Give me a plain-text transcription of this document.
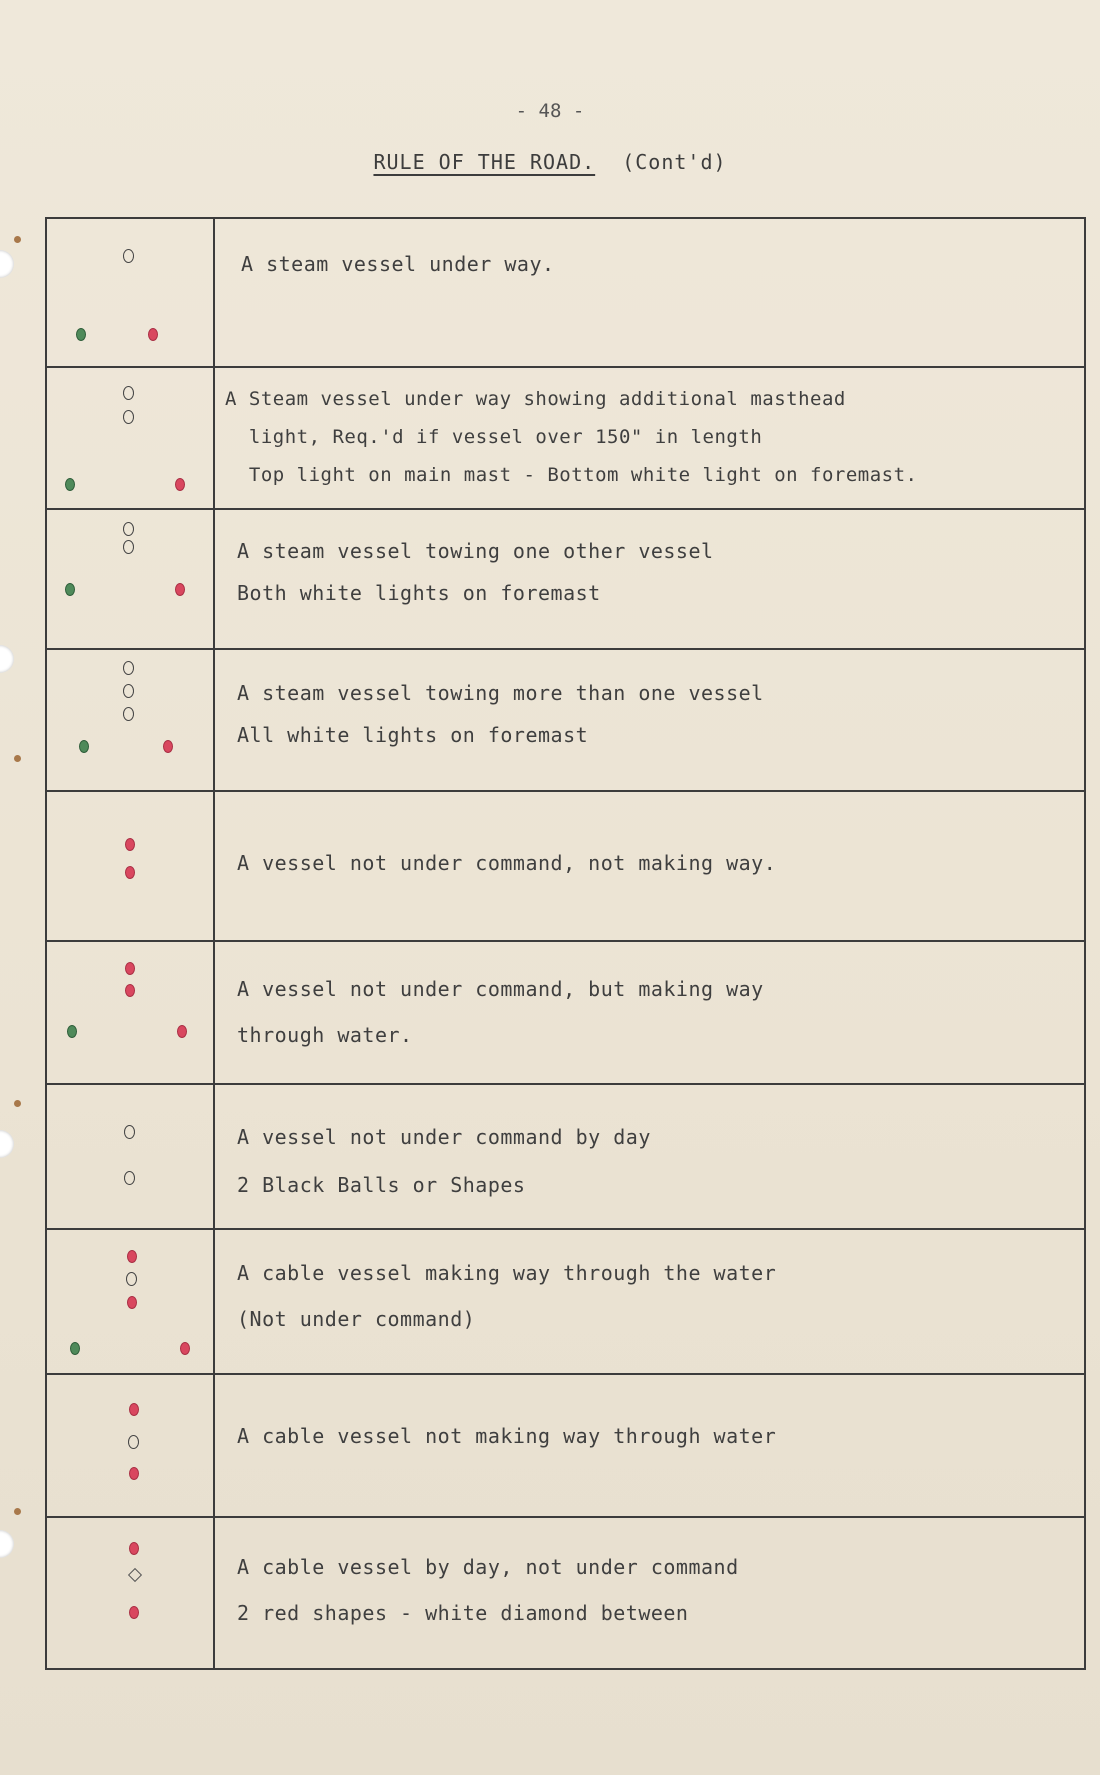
- 48 -
RULE OF THE ROAD. (Cont'd)
A steam vessel under way.
A Steam vessel under way showing additional masthead
light, Req.'d if vessel over 150" in length
Top light on main mast - Bottom white light on foremast.
A steam vessel towing one other vessel
Both white lights on foremast
A steam vessel towing more than one vessel
All white lights on foremast
A vessel not under command, not making way.
A vessel not under command, but making way
through water.
A vessel not under command by day
2 Black Balls or Shapes
A cable vessel making way through the water
(Not under command)
A cable vessel not making way through water
A cable vessel by day, not under command
2 red shapes - white diamond between
